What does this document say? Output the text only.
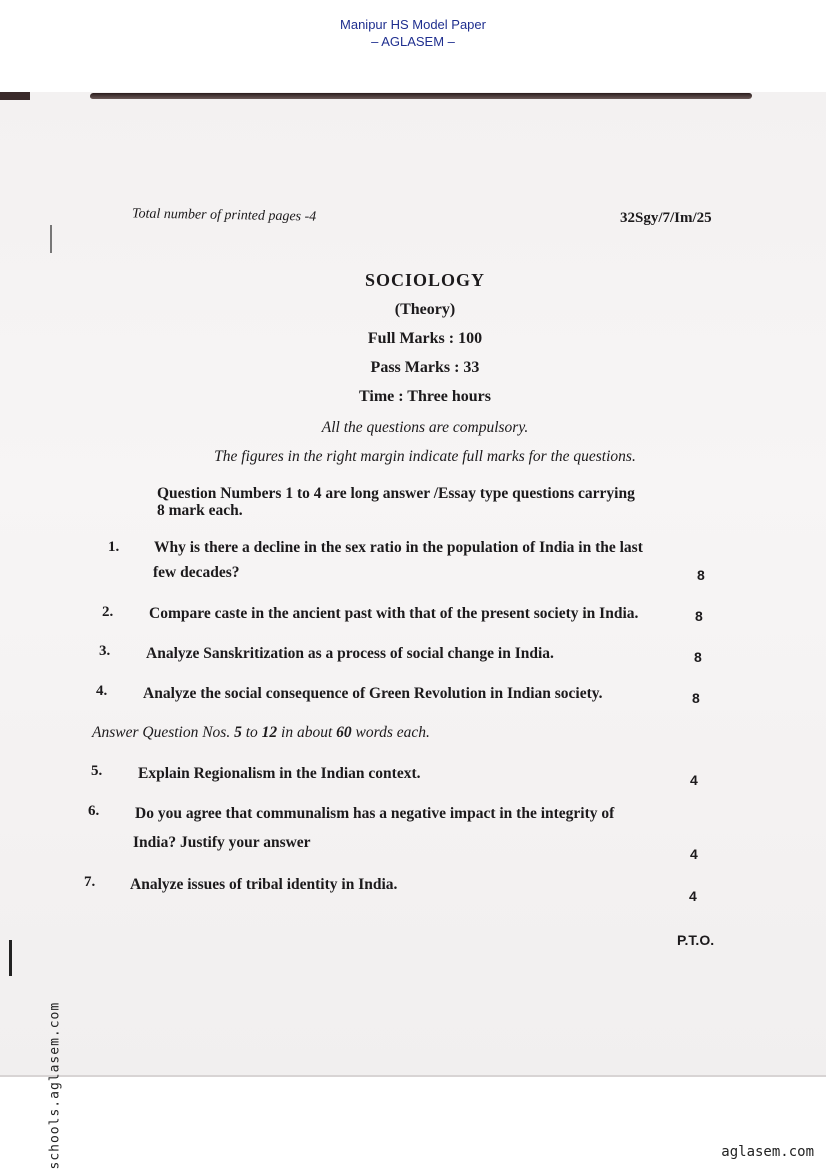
Manipur HS Model Paper
– AGLASEM –
Total number of printed pages -4	32Sgy/7/Im/25
SOCIOLOGY
(Theory)
Full Marks : 100
Pass Marks : 33
Time : Three hours
All the questions are compulsory.
The figures in the right margin indicate full marks for the questions.
Question Numbers 1 to 4 are long answer /Essay type questions carrying
8 mark each.
1. Why is there a decline in the sex ratio in the population of India in the last
few decades?	8
2. Compare caste in the ancient past with that of the present society in India.	8
3. Analyze Sanskritization as a process of social change in India.	8
4. Analyze the social consequence of Green Revolution in Indian society.	8
Answer Question Nos. 5 to 12 in about 60 words each.
5. Explain Regionalism in the Indian context.	4
6. Do you agree that communalism has a negative impact in the integrity of
India? Justify your answer
4
7. Analyze issues of tribal identity in India.
4
P.T.O.
schools.aglasem.com	aglasem.com
